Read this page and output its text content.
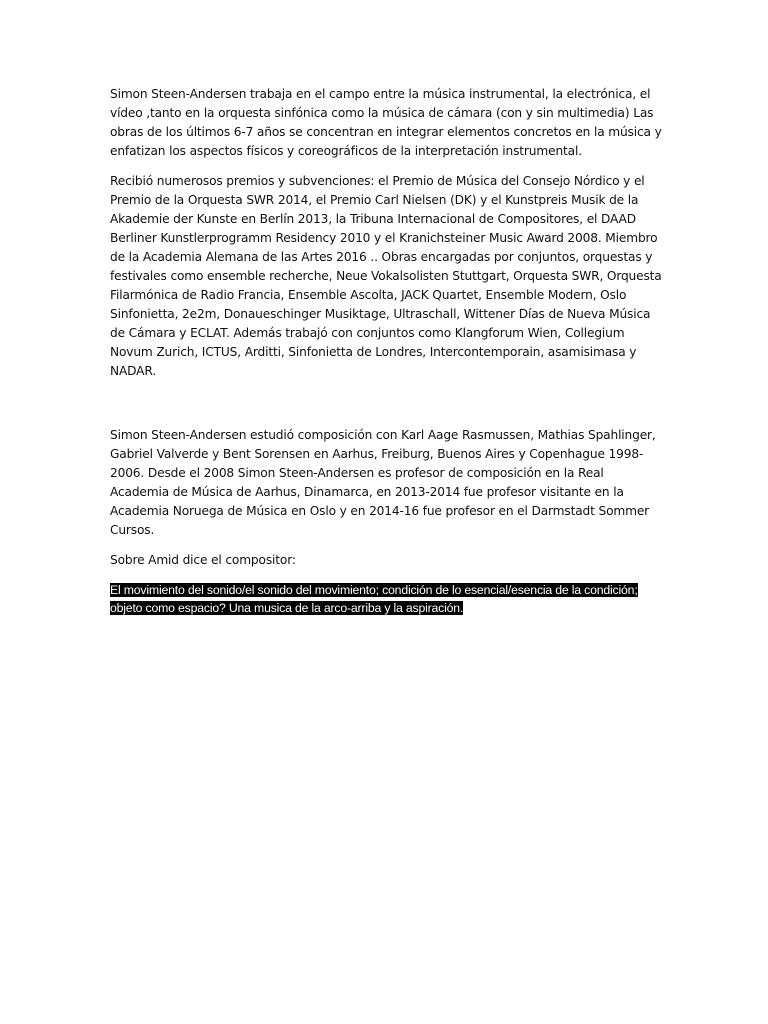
Simon Steen-Andersen trabaja en el campo entre la música instrumental, la electrónica, el vídeo ,tanto en la orquesta sinfónica como la música de cámara (con y sin multimedia) Las obras de los últimos 6-7 años se concentran en integrar elementos concretos en la música y enfatizan los aspectos físicos y coreográficos de la interpretación instrumental.

Recibió numerosos premios y subvenciones: el Premio de Música del Consejo Nórdico y el Premio de la Orquesta SWR 2014, el Premio Carl Nielsen (DK) y el Kunstpreis Musik de la Akademie der Kunste en Berlín 2013, la Tribuna Internacional de Compositores, el DAAD Berliner Kunstlerprogramm Residency 2010 y el Kranichsteiner Music Award 2008. Miembro de la Academia Alemana de las Artes 2016 .. Obras encargadas por conjuntos, orquestas y festivales como ensemble recherche, Neue Vokalsolisten Stuttgart, Orquesta SWR, Orquesta Filarmónica de Radio Francia, Ensemble Ascolta, JACK Quartet, Ensemble Modern, Oslo Sinfonietta, 2e2m, Donaueschinger Musiktage, Ultraschall, Wittener Días de Nueva Música de Cámara y ECLAT. Además trabajó con conjuntos como Klangforum Wien, Collegium Novum Zurich, ICTUS, Arditti, Sinfonietta de Londres, Intercontemporain, asamisimasa y NADAR.

Simon Steen-Andersen estudió composición con Karl Aage Rasmussen, Mathias Spahlinger, Gabriel Valverde y Bent Sorensen en Aarhus, Freiburg, Buenos Aires y Copenhague 1998-2006. Desde el 2008 Simon Steen-Andersen es profesor de composición en la Real Academia de Música de Aarhus, Dinamarca, en 2013-2014 fue profesor visitante en la Academia Noruega de Música en Oslo y en 2014-16 fue profesor en el Darmstadt Sommer Cursos.

Sobre Amid dice el compositor:

El movimiento del sonido/el sonido del movimiento; condición de lo esencial/esencia de la condición; objeto como espacio? Una musica de la arco-arriba y la aspiración.
